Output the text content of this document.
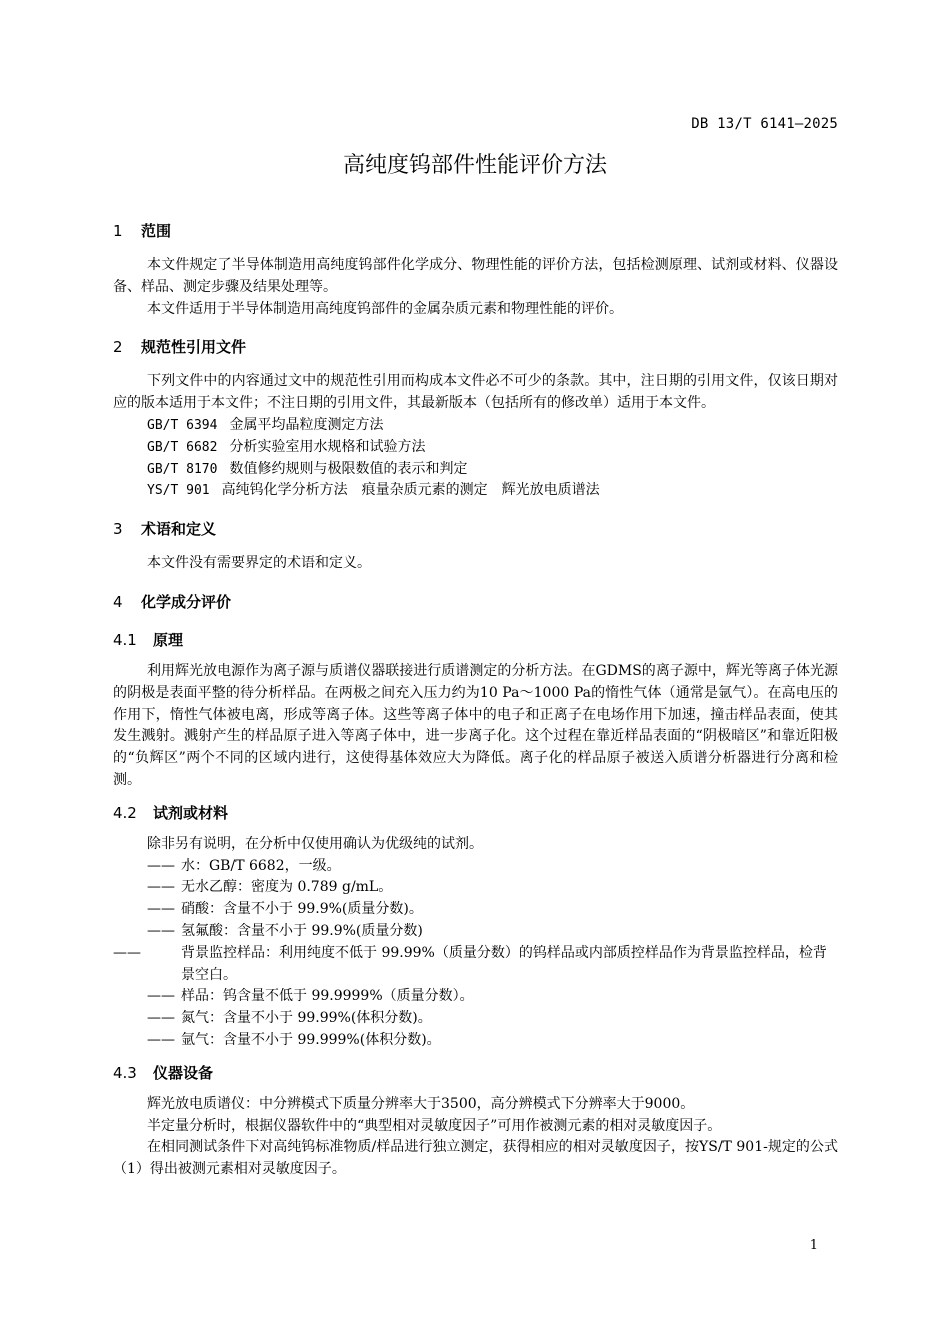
DB 13/T 6141—2025
高纯度钨部件性能评价方法
1 范围

本文件规定了半导体制造用高纯度钨部件化学成分、物理性能的评价方法，包括检测原理、试剂或材料、仪器设备、样品、测定步骤及结果处理等。

本文件适用于半导体制造用高纯度钨部件的金属杂质元素和物理性能的评价。

2 规范性引用文件

下列文件中的内容通过文中的规范性引用而构成本文件必不可少的条款。其中，注日期的引用文件，仅该日期对应的版本适用于本文件；不注日期的引用文件，其最新版本（包括所有的修改单）适用于本文件。

GB/T 6394 金属平均晶粒度测定方法

GB/T 6682 分析实验室用水规格和试验方法

GB/T 8170 数值修约规则与极限数值的表示和判定

YS/T 901 高纯钨化学分析方法　痕量杂质元素的测定　辉光放电质谱法

3 术语和定义

本文件没有需要界定的术语和定义。

4 化学成分评价
4.1 原理

利用辉光放电源作为离子源与质谱仪器联接进行质谱测定的分析方法。在GDMS的离子源中，辉光等离子体光源的阴极是表面平整的待分析样品。在两极之间充入压力约为10 Pa～1000 Pa的惰性气体（通常是氩气）。在高电压的作用下，惰性气体被电离，形成等离子体。这些等离子体中的电子和正离子在电场作用下加速，撞击样品表面，使其发生溅射。溅射产生的样品原子进入等离子体中，进一步离子化。这个过程在靠近样品表面的“阴极暗区”和靠近阳极的“负辉区”两个不同的区域内进行，这使得基体效应大为降低。离子化的样品原子被送入质谱分析器进行分离和检测。

4.2 试剂或材料

除非另有说明，在分析中仅使用确认为优级纯的试剂。

—— 水：GB/T 6682，一级。

—— 无水乙醇：密度为 0.789 g/mL。

—— 硝酸：含量不小于 99.9%(质量分数)。

—— 氢氟酸：含量不小于 99.9%(质量分数)

——	背景监控样品：利用纯度不低于 99.99%（质量分数）的钨样品或内部质控样品作为背景监控样品，检背景空白。

—— 样品：钨含量不低于 99.9999%（质量分数）。

—— 氮气：含量不小于 99.99%(体积分数)。

—— 氩气：含量不小于 99.999%(体积分数)。

4.3 仪器设备

辉光放电质谱仪：中分辨模式下质量分辨率大于3500，高分辨模式下分辨率大于9000。

半定量分析时，根据仪器软件中的“典型相对灵敏度因子”可用作被测元素的相对灵敏度因子。

在相同测试条件下对高纯钨标准物质/样品进行独立测定，获得相应的相对灵敏度因子，按YS/T 901-规定的公式（1）得出被测元素相对灵敏度因子。

1
